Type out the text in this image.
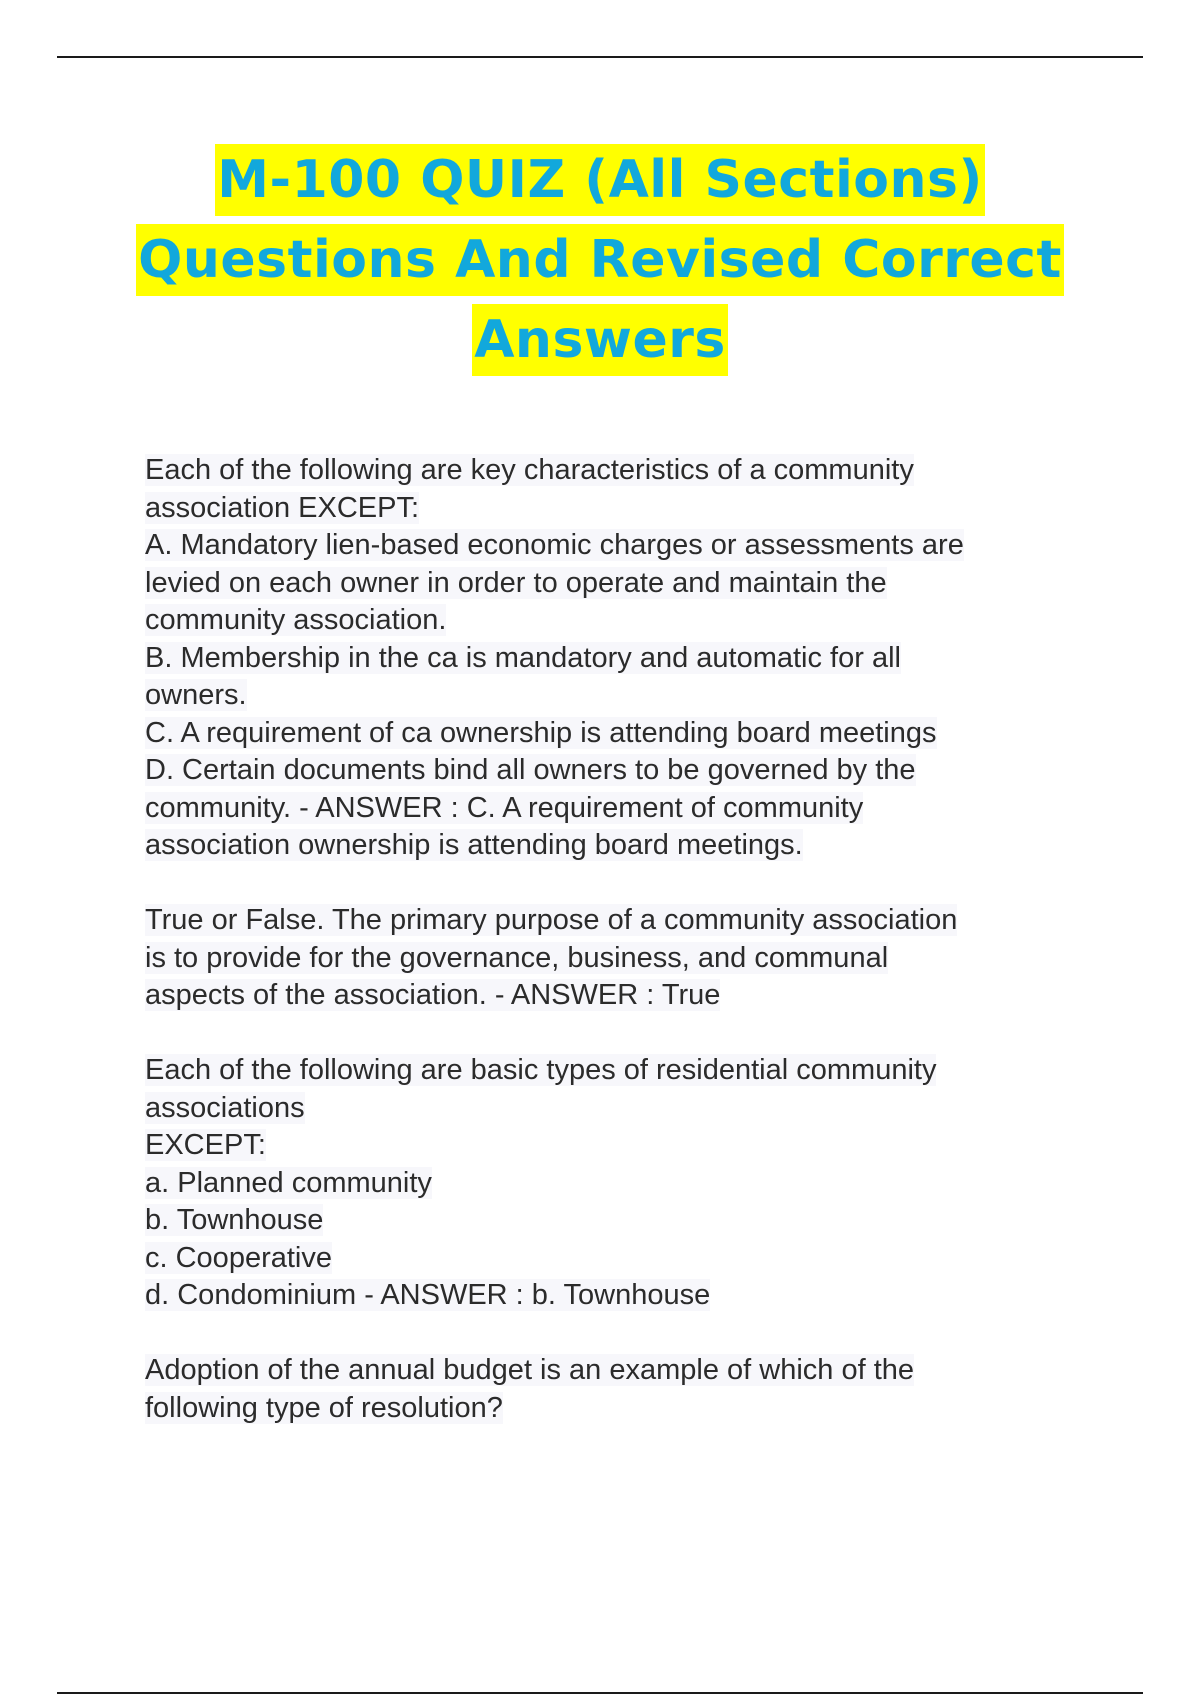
M-100 QUIZ (All Sections)
Questions And Revised Correct
Answers
Each of the following are key characteristics of a community
association EXCEPT:
A. Mandatory lien-based economic charges or assessments are
levied on each owner in order to operate and maintain the
community association.
B. Membership in the ca is mandatory and automatic for all
owners.
C. A requirement of ca ownership is attending board meetings
D. Certain documents bind all owners to be governed by the
community. - ANSWER : C. A requirement of community
association ownership is attending board meetings.
True or False. The primary purpose of a community association
is to provide for the governance, business, and communal
aspects of the association. - ANSWER : True
Each of the following are basic types of residential community
associations
EXCEPT:
a. Planned community
b. Townhouse
c. Cooperative
d. Condominium - ANSWER : b. Townhouse
Adoption of the annual budget is an example of which of the
following type of resolution?
